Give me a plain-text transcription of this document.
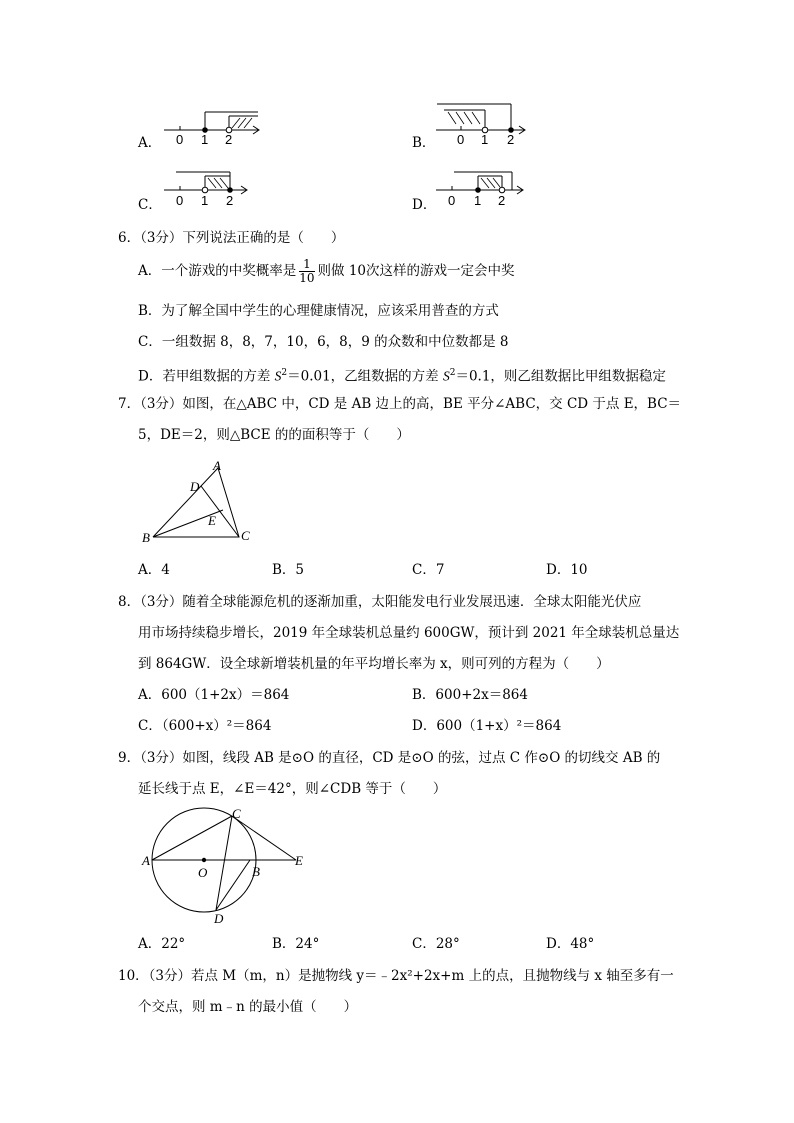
A． 0 1 2	B． 0 1 2
C． 0 1 2	D． 0 1 2
6．（3分）下列说法正确的是（　　）
A．一个游戏的中奖概率是 $\frac{1}{10}$ 则做 10次这样的游戏一定会中奖
B．为了解全国中学生的心理健康情况，应该采用普查的方式
C．一组数据 8，8，7，10，6，8，9 的众数和中位数都是 8
D．若甲组数据的方差 $S^2=0.01$，乙组数据的方差 $S^2=0.1$，则乙组数据比甲组数据稳定
7．（3分）如图，在△ABC 中，CD 是 AB 边上的高，BE 平分∠ABC，交 CD 于点 E，BC＝
5，DE＝2，则△BCE 的的面积等于（　　）
A
B	C
D
E
A．4	B．5	C．7	D．10
8．（3分）随着全球能源危机的逐渐加重，太阳能发电行业发展迅速．全球太阳能光伏应
用市场持续稳步增长，2019 年全球装机总量约 600GW，预计到 2021 年全球装机总量达
到 864GW．设全球新增装机量的年平均增长率为 x，则可列的方程为（　　）
A．600（1+2x）＝864	B．600+2x＝864
C．（600+x）²＝864	D．600（1+x）²＝864
9．（3分）如图，线段 AB 是⊙O 的直径，CD 是⊙O 的弦，过点 C 作⊙O 的切线交 AB 的
延长线于点 E，∠E＝42°，则∠CDB 等于（　　）
A
C
O	B
E
D
A．22°	B．24°	C．28°	D．48°
10．（3分）若点 M（m，n）是抛物线 y＝﹣2x²+2x+m 上的点，且抛物线与 x 轴至多有一
个交点，则 m﹣n 的最小值（　　）
